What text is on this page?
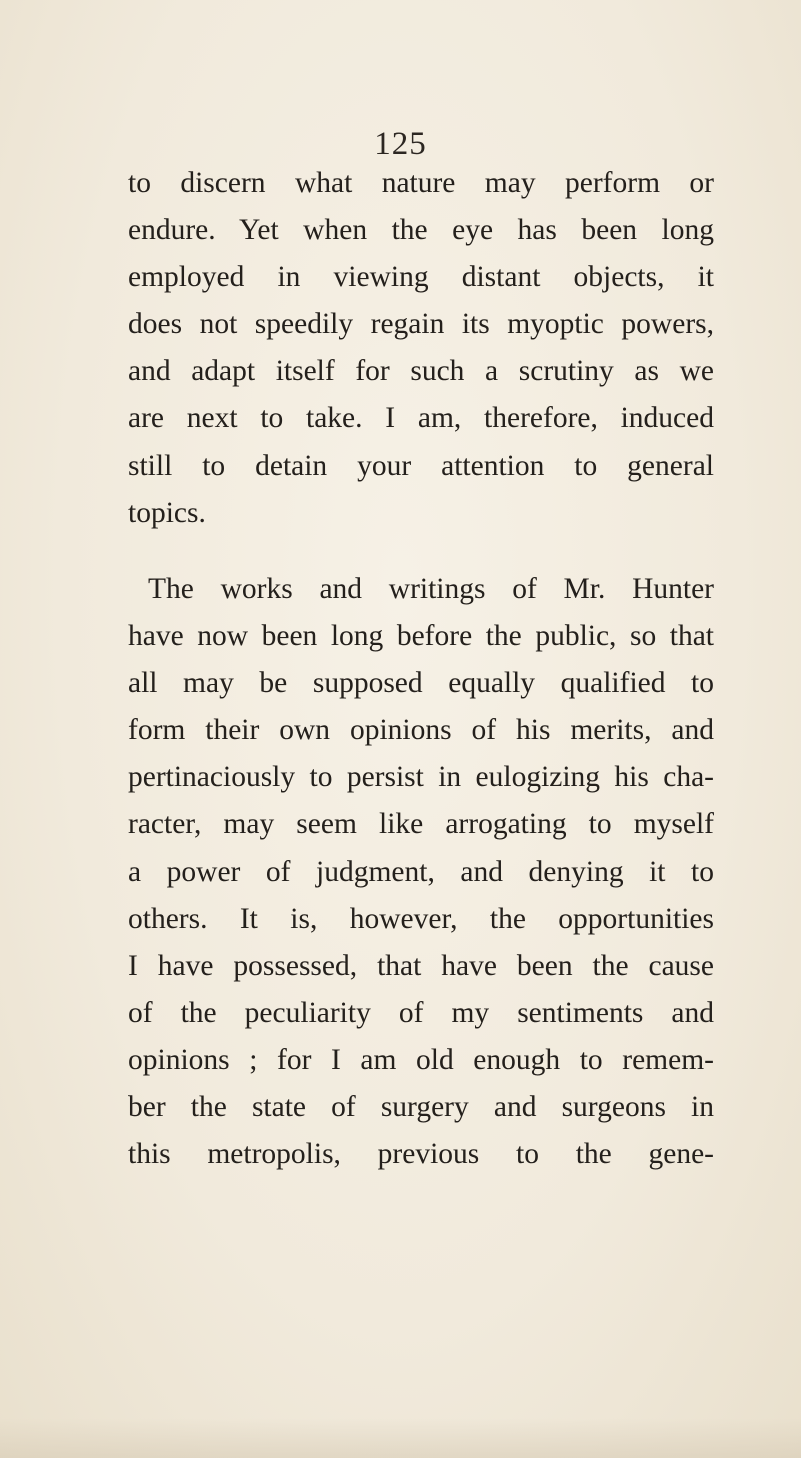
125
to discern what nature may perform or
endure. Yet when the eye has been long
employed in viewing distant objects, it
does not speedily regain its myoptic powers,
and adapt itself for such a scrutiny as we
are next to take. I am, therefore, induced
still to detain your attention to general
topics.
The works and writings of Mr. Hunter
have now been long before the public, so that
all may be supposed equally qualified to
form their own opinions of his merits, and
pertinaciously to persist in eulogizing his cha-
racter, may seem like arrogating to myself
a power of judgment, and denying it to
others. It is, however, the opportunities
I have possessed, that have been the cause
of the peculiarity of my sentiments and
opinions ; for I am old enough to remem-
ber the state of surgery and surgeons in
this metropolis, previous to the gene-
